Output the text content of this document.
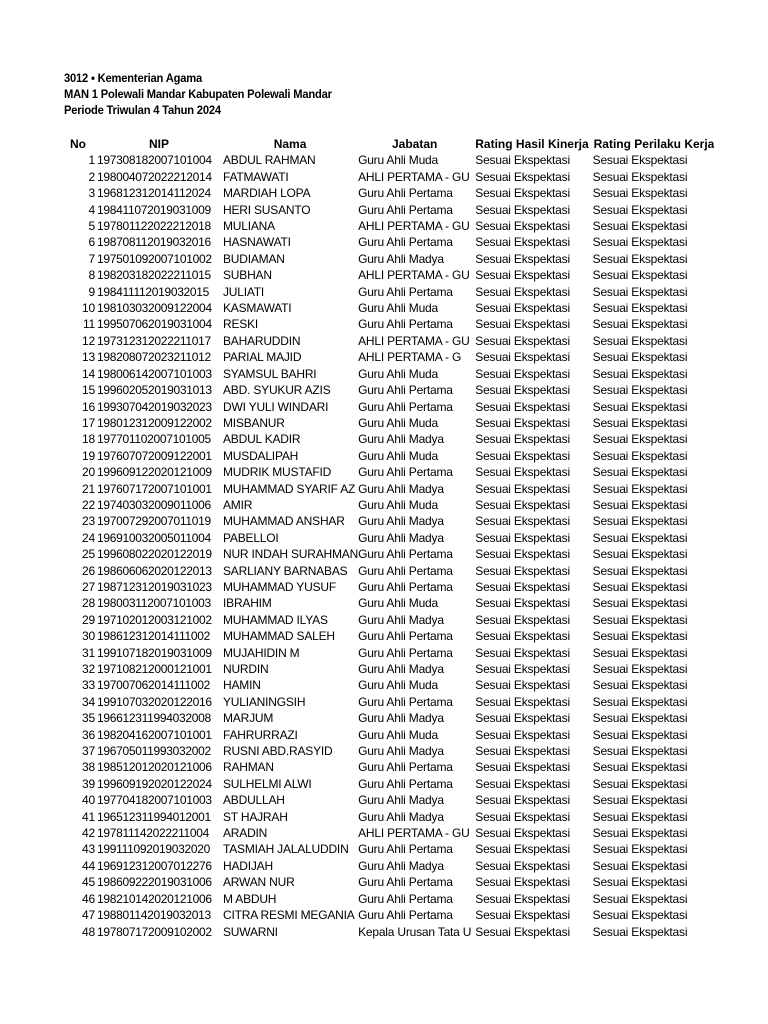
3012 • Kementerian Agama
MAN 1 Polewali Mandar Kabupaten Polewali Mandar
Periode Triwulan 4 Tahun 2024
No	NIP	Nama	Jabatan	Rating Hasil Kinerja	Rating Perilaku Kerja
1	197308182007101004	ABDUL RAHMAN	Guru Ahli Muda	Sesuai Ekspektasi	Sesuai Ekspektasi
2	198004072022212014	FATMAWATI	AHLI PERTAMA - GU	Sesuai Ekspektasi	Sesuai Ekspektasi
3	196812312014112024	MARDIAH LOPA	Guru Ahli Pertama	Sesuai Ekspektasi	Sesuai Ekspektasi
4	198411072019031009	HERI SUSANTO	Guru Ahli Pertama	Sesuai Ekspektasi	Sesuai Ekspektasi
5	197801122022212018	MULIANA	AHLI PERTAMA - GU	Sesuai Ekspektasi	Sesuai Ekspektasi
6	198708112019032016	HASNAWATI	Guru Ahli Pertama	Sesuai Ekspektasi	Sesuai Ekspektasi
7	197501092007101002	BUDIAMAN	Guru Ahli Madya	Sesuai Ekspektasi	Sesuai Ekspektasi
8	198203182022211015	SUBHAN	AHLI PERTAMA - GU	Sesuai Ekspektasi	Sesuai Ekspektasi
9	198411112019032015	JULIATI	Guru Ahli Pertama	Sesuai Ekspektasi	Sesuai Ekspektasi
10	198103032009122004	KASMAWATI	Guru Ahli Muda	Sesuai Ekspektasi	Sesuai Ekspektasi
11	199507062019031004	RESKI	Guru Ahli Pertama	Sesuai Ekspektasi	Sesuai Ekspektasi
12	197312312022211017	BAHARUDDIN	AHLI PERTAMA - GU	Sesuai Ekspektasi	Sesuai Ekspektasi
13	198208072023211012	PARIAL MAJID	AHLI PERTAMA - G	Sesuai Ekspektasi	Sesuai Ekspektasi
14	198006142007101003	SYAMSUL BAHRI	Guru Ahli Muda	Sesuai Ekspektasi	Sesuai Ekspektasi
15	199602052019031013	ABD. SYUKUR AZIS	Guru Ahli Pertama	Sesuai Ekspektasi	Sesuai Ekspektasi
16	199307042019032023	DWI YULI WINDARI	Guru Ahli Pertama	Sesuai Ekspektasi	Sesuai Ekspektasi
17	198012312009122002	MISBANUR	Guru Ahli Muda	Sesuai Ekspektasi	Sesuai Ekspektasi
18	197701102007101005	ABDUL KADIR	Guru Ahli Madya	Sesuai Ekspektasi	Sesuai Ekspektasi
19	197607072009122001	MUSDALIPAH	Guru Ahli Muda	Sesuai Ekspektasi	Sesuai Ekspektasi
20	199609122020121009	MUDRIK MUSTAFID	Guru Ahli Pertama	Sesuai Ekspektasi	Sesuai Ekspektasi
21	197607172007101001	MUHAMMAD SYARIF AZ	Guru Ahli Madya	Sesuai Ekspektasi	Sesuai Ekspektasi
22	197403032009011006	AMIR	Guru Ahli Muda	Sesuai Ekspektasi	Sesuai Ekspektasi
23	197007292007011019	MUHAMMAD ANSHAR	Guru Ahli Madya	Sesuai Ekspektasi	Sesuai Ekspektasi
24	196910032005011004	PABELLOI	Guru Ahli Madya	Sesuai Ekspektasi	Sesuai Ekspektasi
25	199608022020122019	NUR INDAH SURAHMAN	Guru Ahli Pertama	Sesuai Ekspektasi	Sesuai Ekspektasi
26	198606062020122013	SARLIANY BARNABAS	Guru Ahli Pertama	Sesuai Ekspektasi	Sesuai Ekspektasi
27	198712312019031023	MUHAMMAD YUSUF	Guru Ahli Pertama	Sesuai Ekspektasi	Sesuai Ekspektasi
28	198003112007101003	IBRAHIM	Guru Ahli Muda	Sesuai Ekspektasi	Sesuai Ekspektasi
29	197102012003121002	MUHAMMAD ILYAS	Guru Ahli Madya	Sesuai Ekspektasi	Sesuai Ekspektasi
30	198612312014111002	MUHAMMAD SALEH	Guru Ahli Pertama	Sesuai Ekspektasi	Sesuai Ekspektasi
31	199107182019031009	MUJAHIDIN M	Guru Ahli Pertama	Sesuai Ekspektasi	Sesuai Ekspektasi
32	197108212000121001	NURDIN	Guru Ahli Madya	Sesuai Ekspektasi	Sesuai Ekspektasi
33	197007062014111002	HAMIN	Guru Ahli Muda	Sesuai Ekspektasi	Sesuai Ekspektasi
34	199107032020122016	YULIANINGSIH	Guru Ahli Pertama	Sesuai Ekspektasi	Sesuai Ekspektasi
35	196612311994032008	MARJUM	Guru Ahli Madya	Sesuai Ekspektasi	Sesuai Ekspektasi
36	198204162007101001	FAHRURRAZI	Guru Ahli Muda	Sesuai Ekspektasi	Sesuai Ekspektasi
37	196705011993032002	RUSNI ABD.RASYID	Guru Ahli Madya	Sesuai Ekspektasi	Sesuai Ekspektasi
38	198512012020121006	RAHMAN	Guru Ahli Pertama	Sesuai Ekspektasi	Sesuai Ekspektasi
39	199609192020122024	SULHELMI ALWI	Guru Ahli Pertama	Sesuai Ekspektasi	Sesuai Ekspektasi
40	197704182007101003	ABDULLAH	Guru Ahli Madya	Sesuai Ekspektasi	Sesuai Ekspektasi
41	196512311994012001	ST HAJRAH	Guru Ahli Madya	Sesuai Ekspektasi	Sesuai Ekspektasi
42	197811142022211004	ARADIN	AHLI PERTAMA - GU	Sesuai Ekspektasi	Sesuai Ekspektasi
43	199111092019032020	TASMIAH JALALUDDIN	Guru Ahli Pertama	Sesuai Ekspektasi	Sesuai Ekspektasi
44	196912312007012276	HADIJAH	Guru Ahli Madya	Sesuai Ekspektasi	Sesuai Ekspektasi
45	198609222019031006	ARWAN NUR	Guru Ahli Pertama	Sesuai Ekspektasi	Sesuai Ekspektasi
46	198210142020121006	M ABDUH	Guru Ahli Pertama	Sesuai Ekspektasi	Sesuai Ekspektasi
47	198801142019032013	CITRA RESMI MEGANIA	Guru Ahli Pertama	Sesuai Ekspektasi	Sesuai Ekspektasi
48	197807172009102002	SUWARNI	Kepala Urusan Tata U	Sesuai Ekspektasi	Sesuai Ekspektasi
